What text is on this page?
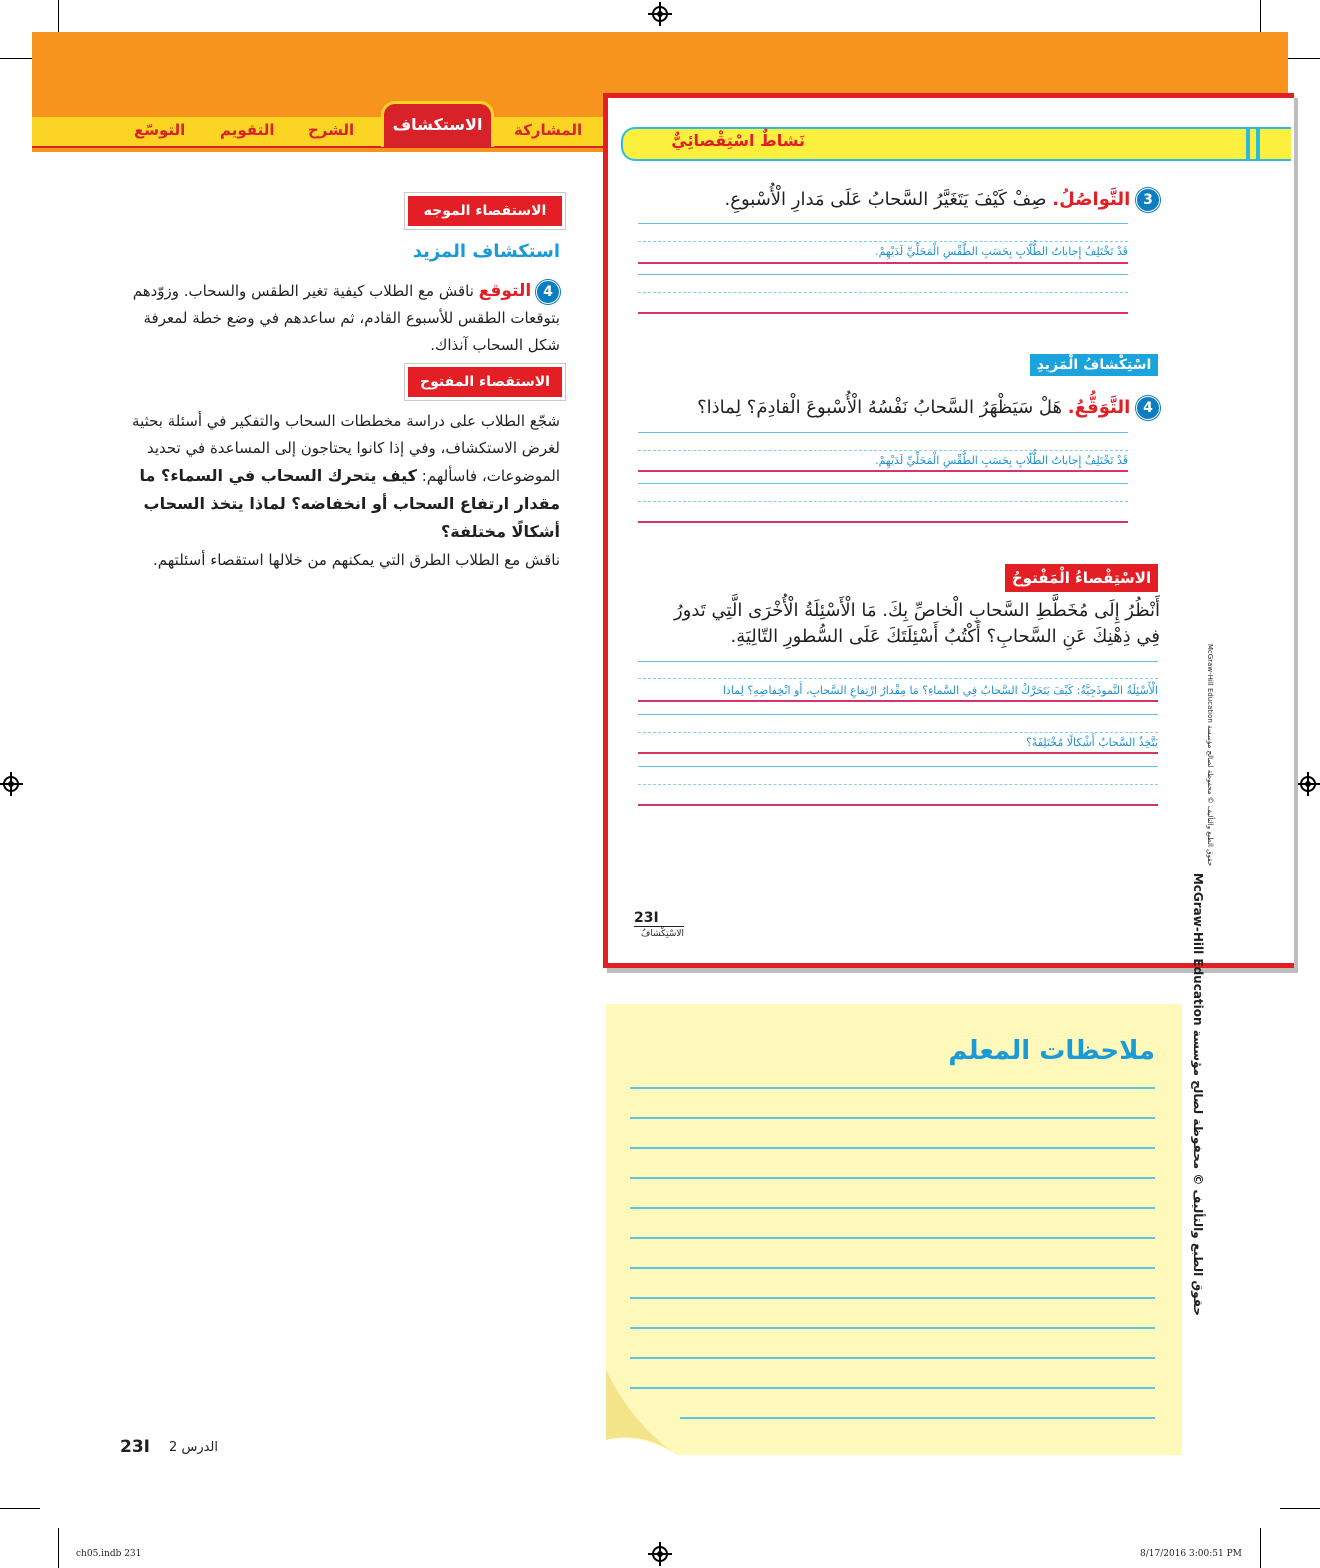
المشاركة
الاستكشاف
الشرح
التقويم
التوسّع
الاستقصاء الموجه
استكشاف المزيد
4 التوقع ناقش مع الطلاب كيفية تغير الطقس والسحاب. وزوّدهم بتوقعات الطقس للأسبوع القادم، ثم ساعدهم في وضع خطة لمعرفة شكل السحاب آنذاك.
الاستقصاء المفتوح
شجّع الطلاب على دراسة مخططات السحاب والتفكير في أسئلة بحثية لغرض الاستكشاف، وفي إذا كانوا يحتاجون إلى المساعدة في تحديد الموضوعات، فاسألهم: كيف يتحرك السحاب في السماء؟ ما مقدار ارتفاع السحاب أو انخفاضه؟ لماذا يتخذ السحاب أشكالًا مختلفة؟
ناقش مع الطلاب الطرق التي يمكنهم من خلالها استقصاء أسئلتهم.
نَشاطٌ اسْتِقْصائِيٌّ
3 التَّواصُلُ. صِفْ كَيْفَ يَتَغَيَّرُ السَّحابُ عَلَى مَدارِ الْأُسْبوعِ.
قَدْ تَخْتَلِفُ إِجاباتُ الطُّلّابِ بِحَسَبِ الطَّقْسِ الْمَحَلِّيِّ لَدَيْهِمْ.
اسْتِكْشافُ الْمَزيدِ
4 التَّوَقُّعُ. هَلْ سَيَظْهَرُ السَّحابُ نَفْسُهُ الْأُسْبوعَ الْقادِمَ؟ لِماذا؟
قَدْ تَخْتَلِفُ إِجاباتُ الطُّلّابِ بِحَسَبِ الطَّقْسِ الْمَحَلِّيِّ لَدَيْهِمْ.
الاسْتِقْصاءُ الْمَفْتوحُ
أَنْظُرُ إِلَى مُخَطَّطِ السَّحابِ الْخاصِّ بِكَ. مَا الْأَسْئِلَةُ الْأُخْرَى الَّتِي تَدورُ
فِي ذِهْنِكَ عَنِ السَّحابِ؟ أَكْتُبُ أَسْئِلَتَكَ عَلَى السُّطورِ التّالِيَةِ.
الْأَسْئِلَةُ النَّموذَجِيَّةُ: كَيْفَ يَتَحَرَّكُ السَّحابُ فِي السَّماءِ؟ مَا مِقْدارُ ارْتِفاعِ السَّحابِ، أَو انْخِفاضِهِ؟ لِماذا
يَتَّخِذُ السَّحابُ أَشْكالًا مُخْتَلِفَةً؟
23I
الاسْتِكْشافُ
حقوق الطبع والتأليف © محفوظة لصالح مؤسسة McGraw-Hill Education
حقوق الطبع والتأليف © محفوظة لصالح مؤسسة McGraw-Hill Education
ملاحظات المعلم
23I	الدرس 2
ch05.indb 231	8/17/2016 3:00:51 PM
